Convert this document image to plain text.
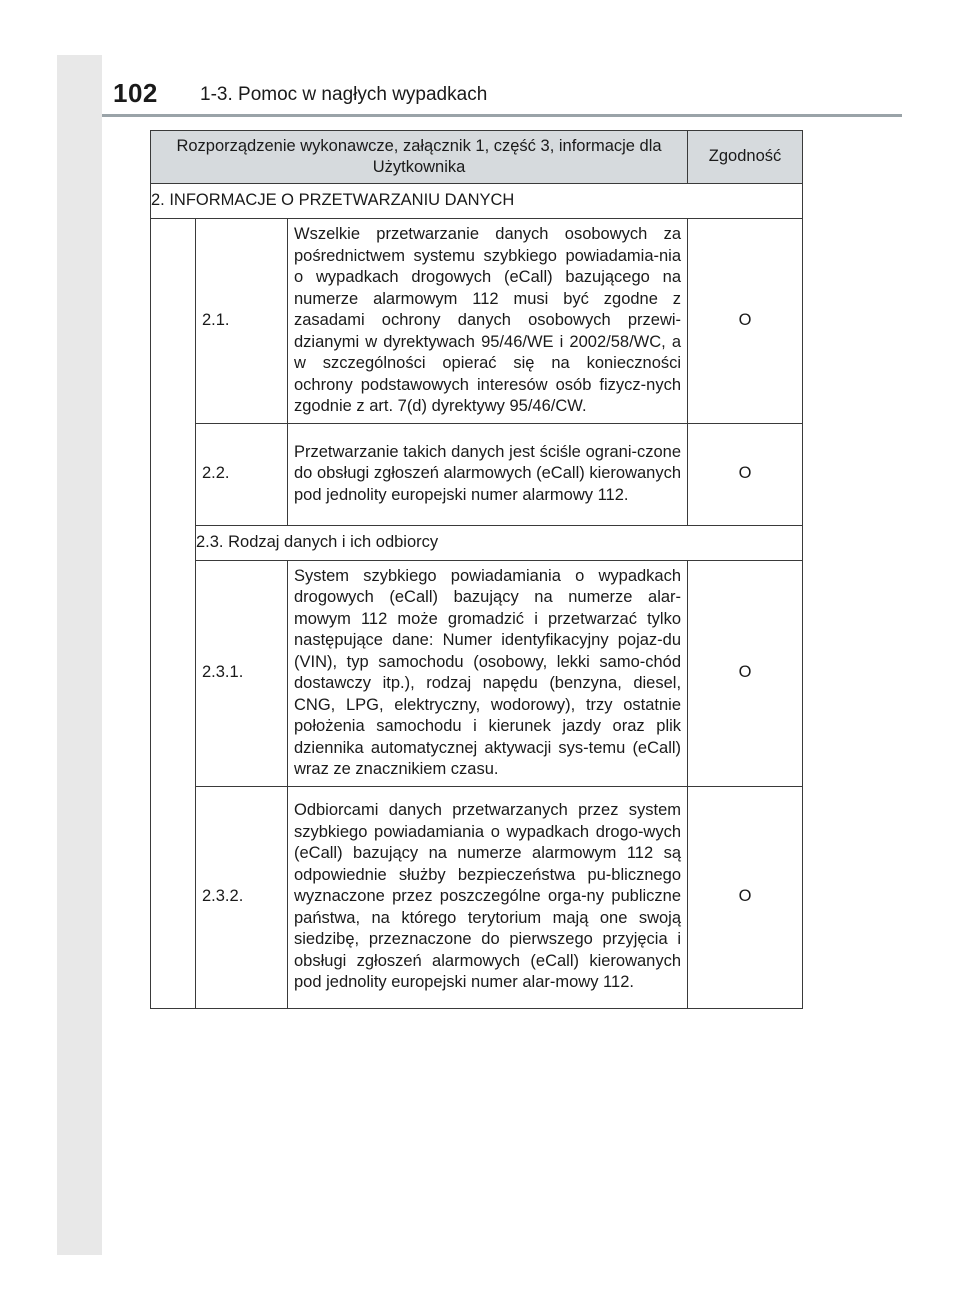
102 1-3. Pomoc w nagłych wypadkach
Rozporządzenie wykonawcze, załącznik 1, część 3, informacje dla Użytkownika			Zgodność
2. INFORMACJE O PRZETWARZANIU DANYCH			
	2.1.	Wszelkie przetwarzanie danych osobowych za pośrednictwem systemu szybkiego powiadamia-nia o wypadkach drogowych (eCall) bazującego na numerze alarmowym 112 musi być zgodne z zasadami ochrony danych osobowych przewi-dzianymi w dyrektywach 95/46/WE i 2002/58/WC, a w szczególności opierać się na konieczności ochrony podstawowych interesów osób fizycz-nych zgodnie z art. 7(d) dyrektywy 95/46/CW.	O
	2.2.	Przetwarzanie takich danych jest ściśle ograni-czone do obsługi zgłoszeń alarmowych (eCall) kierowanych pod jednolity europejski numer alarmowy 112.	O
	2.3. Rodzaj danych i ich odbiorcy		
	2.3.1.	System szybkiego powiadamiania o wypadkach drogowych (eCall) bazujący na numerze alar-mowym 112 może gromadzić i przetwarzać tylko następujące dane: Numer identyfikacyjny pojaz-du (VIN), typ samochodu (osobowy, lekki samo-chód dostawczy itp.), rodzaj napędu (benzyna, diesel, CNG, LPG, elektryczny, wodorowy), trzy ostatnie położenia samochodu i kierunek jazdy oraz plik dziennika automatycznej aktywacji sys-temu (eCall) wraz ze znacznikiem czasu.	O
	2.3.2.	Odbiorcami danych przetwarzanych przez system szybkiego powiadamiania o wypadkach drogo-wych (eCall) bazujący na numerze alarmowym 112 są odpowiednie służby bezpieczeństwa pu-blicznego wyznaczone przez poszczególne orga-ny publiczne państwa, na którego terytorium mają one swoją siedzibę, przeznaczone do pierwszego przyjęcia i obsługi zgłoszeń alarmowych (eCall) kierowanych pod jednolity europejski numer alar-mowy 112.	O
